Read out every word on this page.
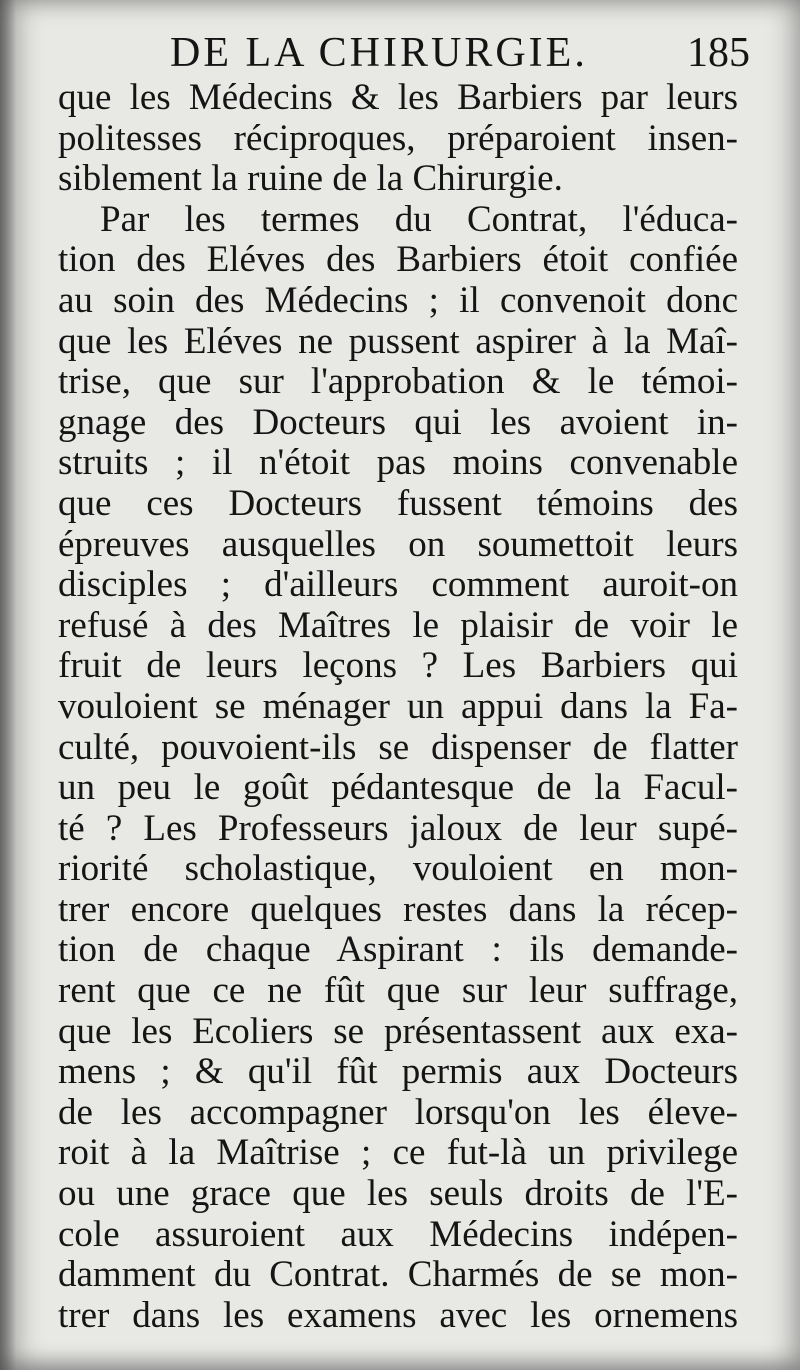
DE LA CHIRURGIE. 185
que les Médecins & les Barbiers par leurs
politesses réciproques, préparoient insen-
siblement la ruine de la Chirurgie.
Par les termes du Contrat, l'éduca-
tion des Eléves des Barbiers étoit confiée
au soin des Médecins ; il convenoit donc
que les Eléves ne pussent aspirer à la Maî-
trise, que sur l'approbation & le témoi-
gnage des Docteurs qui les avoient in-
struits ; il n'étoit pas moins convenable
que ces Docteurs fussent témoins des
épreuves ausquelles on soumettoit leurs
disciples ; d'ailleurs comment auroit-on
refusé à des Maîtres le plaisir de voir le
fruit de leurs leçons ? Les Barbiers qui
vouloient se ménager un appui dans la Fa-
culté, pouvoient-ils se dispenser de flatter
un peu le goût pédantesque de la Facul-
té ? Les Professeurs jaloux de leur supé-
riorité scholastique, vouloient en mon-
trer encore quelques restes dans la récep-
tion de chaque Aspirant : ils demande-
rent que ce ne fût que sur leur suffrage,
que les Ecoliers se présentassent aux exa-
mens ; & qu'il fût permis aux Docteurs
de les accompagner lorsqu'on les éleve-
roit à la Maîtrise ; ce fut-là un privilege
ou une grace que les seuls droits de l'E-
cole assuroient aux Médecins indépen-
damment du Contrat. Charmés de se mon-
trer dans les examens avec les ornemens
